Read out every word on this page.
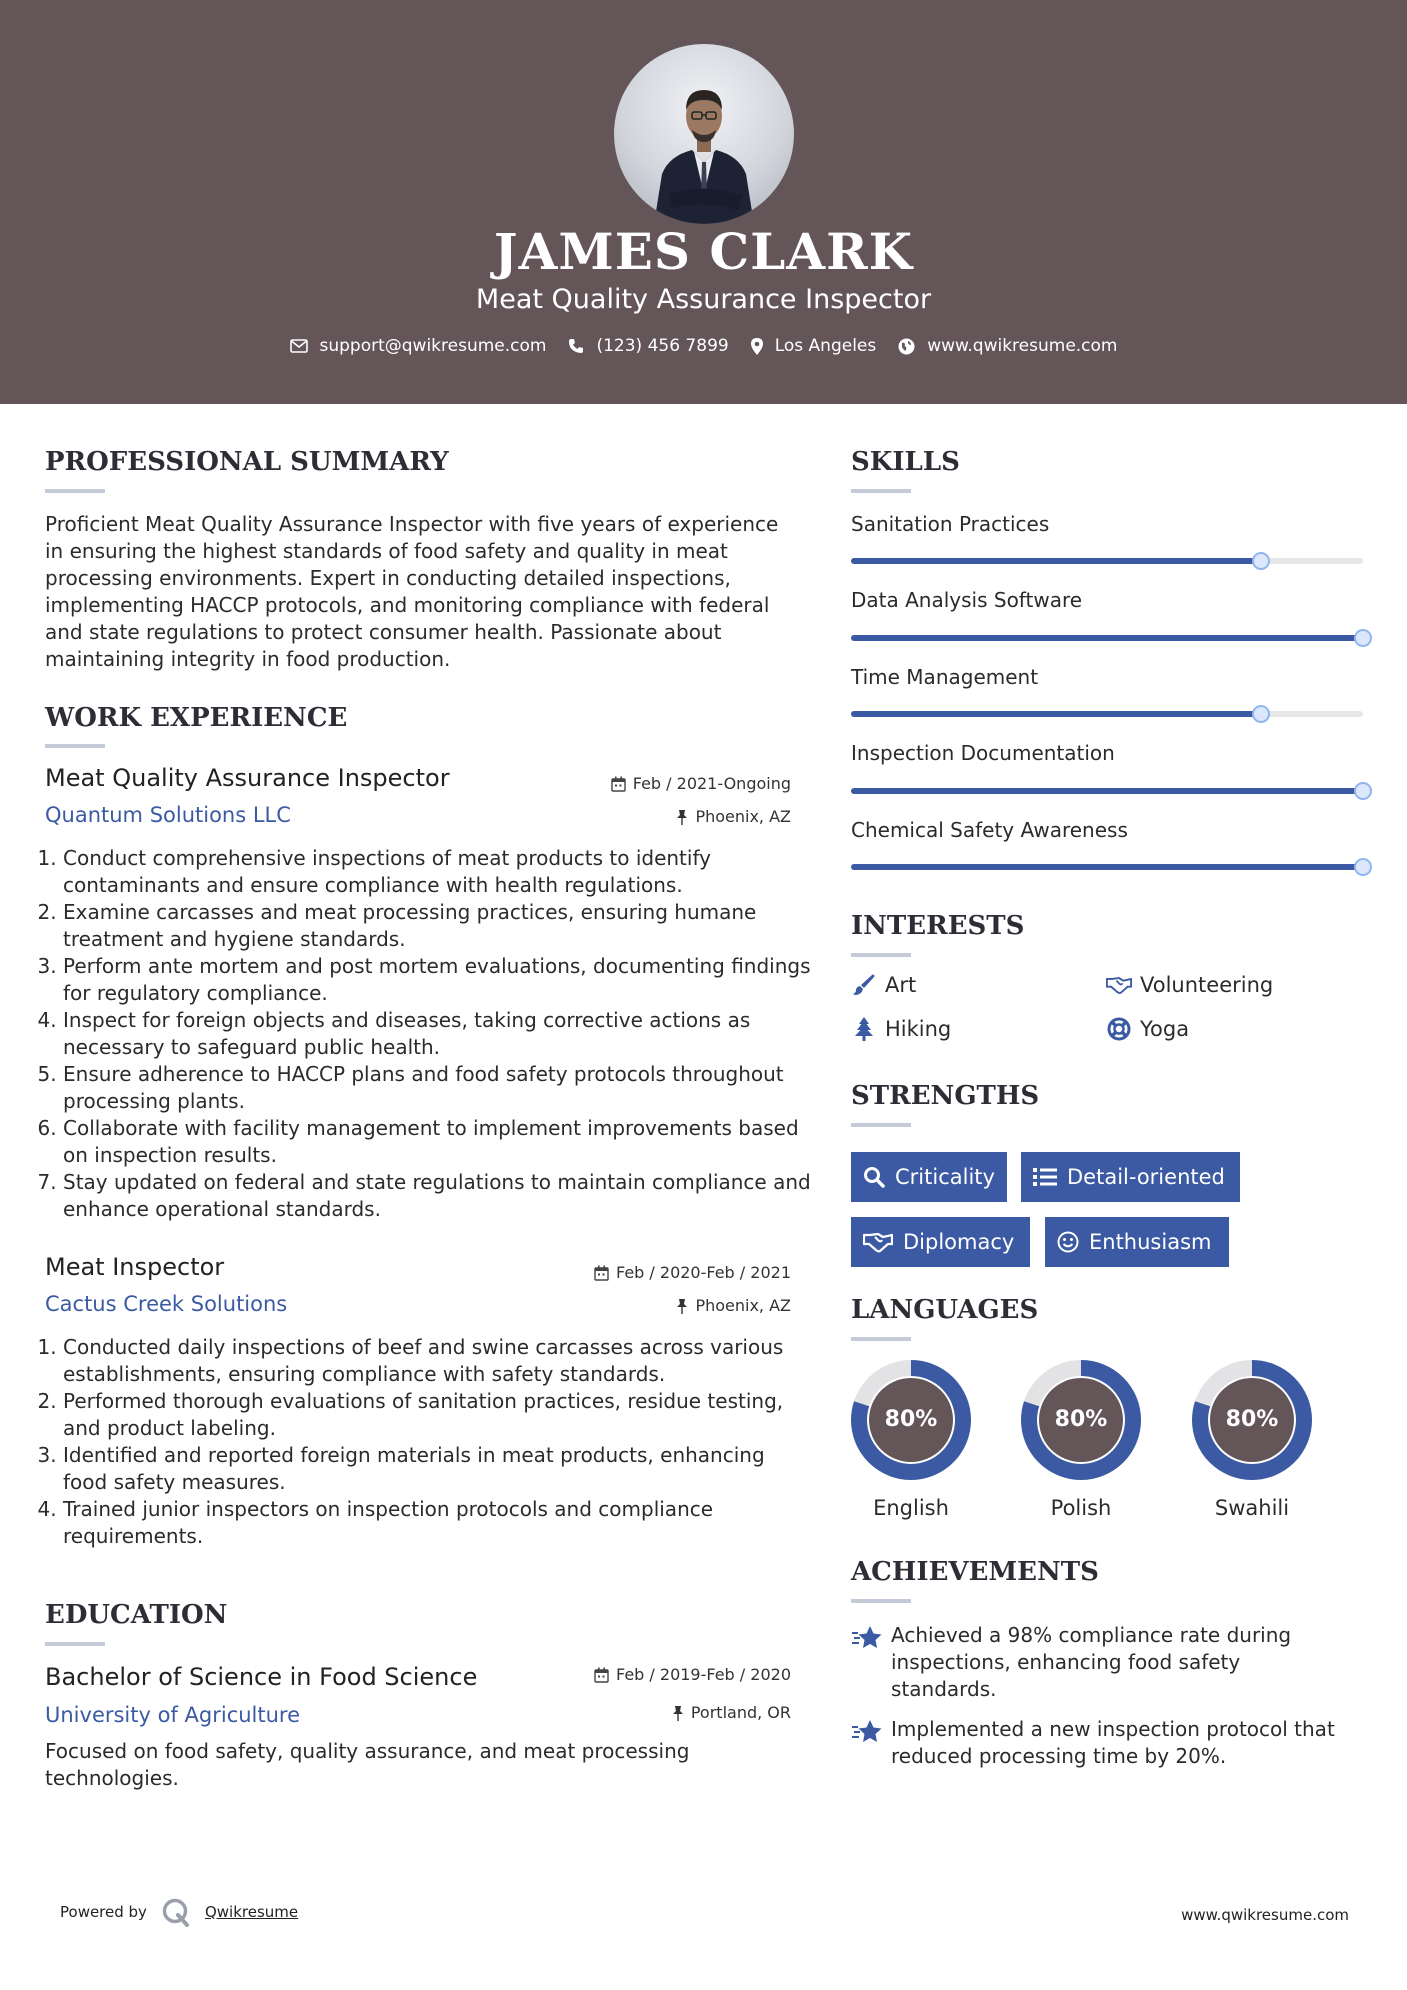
JAMES CLARK
Meat Quality Assurance Inspector
support@qwikresume.com	(123) 456 7899	Los Angeles	www.qwikresume.com
PROFESSIONAL SUMMARY
Proficient Meat Quality Assurance Inspector with five years of experience in ensuring the highest standards of food safety and quality in meat processing environments. Expert in conducting detailed inspections, implementing HACCP protocols, and monitoring compliance with federal and state regulations to protect consumer health. Passionate about maintaining integrity in food production.
WORK EXPERIENCE
Meat Quality Assurance Inspector	Feb / 2021-Ongoing
Quantum Solutions LLC	Phoenix, AZ
1. Conduct comprehensive inspections of meat products to identify contaminants and ensure compliance with health regulations.
2. Examine carcasses and meat processing practices, ensuring humane treatment and hygiene standards.
3. Perform ante mortem and post mortem evaluations, documenting findings for regulatory compliance.
4. Inspect for foreign objects and diseases, taking corrective actions as necessary to safeguard public health.
5. Ensure adherence to HACCP plans and food safety protocols throughout processing plants.
6. Collaborate with facility management to implement improvements based on inspection results.
7. Stay updated on federal and state regulations to maintain compliance and enhance operational standards.
Meat Inspector	Feb / 2020-Feb / 2021
Cactus Creek Solutions	Phoenix, AZ
1. Conducted daily inspections of beef and swine carcasses across various establishments, ensuring compliance with safety standards.
2. Performed thorough evaluations of sanitation practices, residue testing, and product labeling.
3. Identified and reported foreign materials in meat products, enhancing food safety measures.
4. Trained junior inspectors on inspection protocols and compliance requirements.
EDUCATION
Bachelor of Science in Food Science	Feb / 2019-Feb / 2020
University of Agriculture	Portland, OR
Focused on food safety, quality assurance, and meat processing technologies.
SKILLS
Sanitation Practices
Data Analysis Software
Time Management
Inspection Documentation
Chemical Safety Awareness
INTERESTS
Art	Volunteering
Hiking	Yoga
STRENGTHS
Criticality	Detail-oriented
Diplomacy	Enthusiasm
LANGUAGES
80%
English
80%
Polish
80%
Swahili
ACHIEVEMENTS
Achieved a 98% compliance rate during inspections, enhancing food safety standards.
Implemented a new inspection protocol that reduced processing time by 20%.
Powered by	Qwikresume	www.qwikresume.com
